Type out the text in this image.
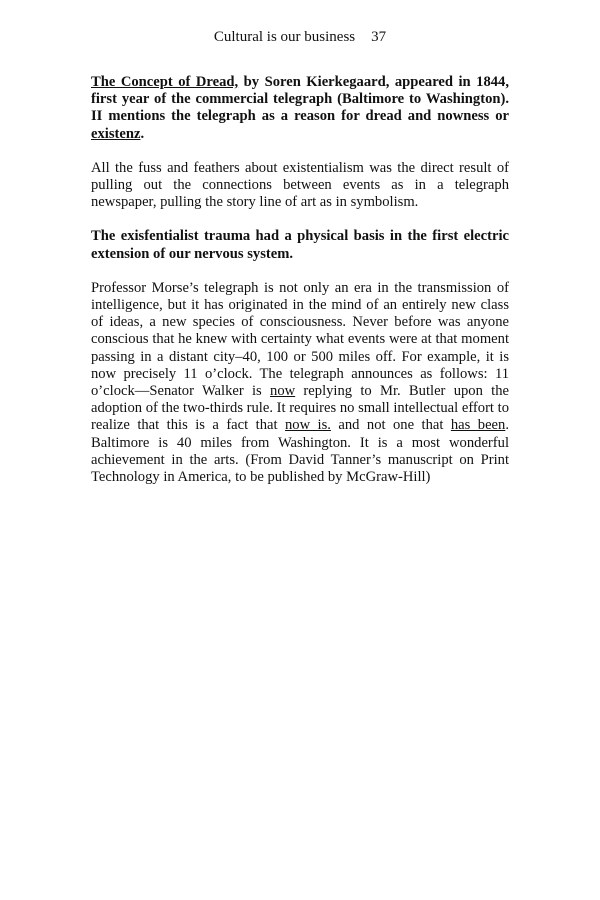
Cultural is our business 37

The Concept of Dread, by Soren Kierkegaard, appeared in 1844, first year of the commercial telegraph (Baltimore to Washington). II mentions the telegraph as a reason for dread and nowness or existenz.

All the fuss and feathers about existentialism was the direct result of pulling out the connections between events as in a telegraph newspaper, pulling the story line of art as in symbolism.

The exisfentialist trauma had a physical basis in the first electric extension of our nervous system.

Professor Morse’s telegraph is not only an era in the transmission of intelligence, but it has originated in the mind of an entirely new class of ideas, a new species of consciousness. Never before was anyone conscious that he knew with certainty what events were at that moment passing in a distant city–40, 100 or 500 miles off. For example, it is now precisely 11 o’clock. The telegraph announces as follows: 11 o’clock—Senator Walker is now replying to Mr. Butler upon the adoption of the two-thirds rule. It requires no small intellectual effort to realize that this is a fact that now is. and not one that has been. Baltimore is 40 miles from Washington. It is a most wonderful achievement in the arts. (From David Tanner’s manuscript on Print Technology in America, to be published by McGraw-Hill)
